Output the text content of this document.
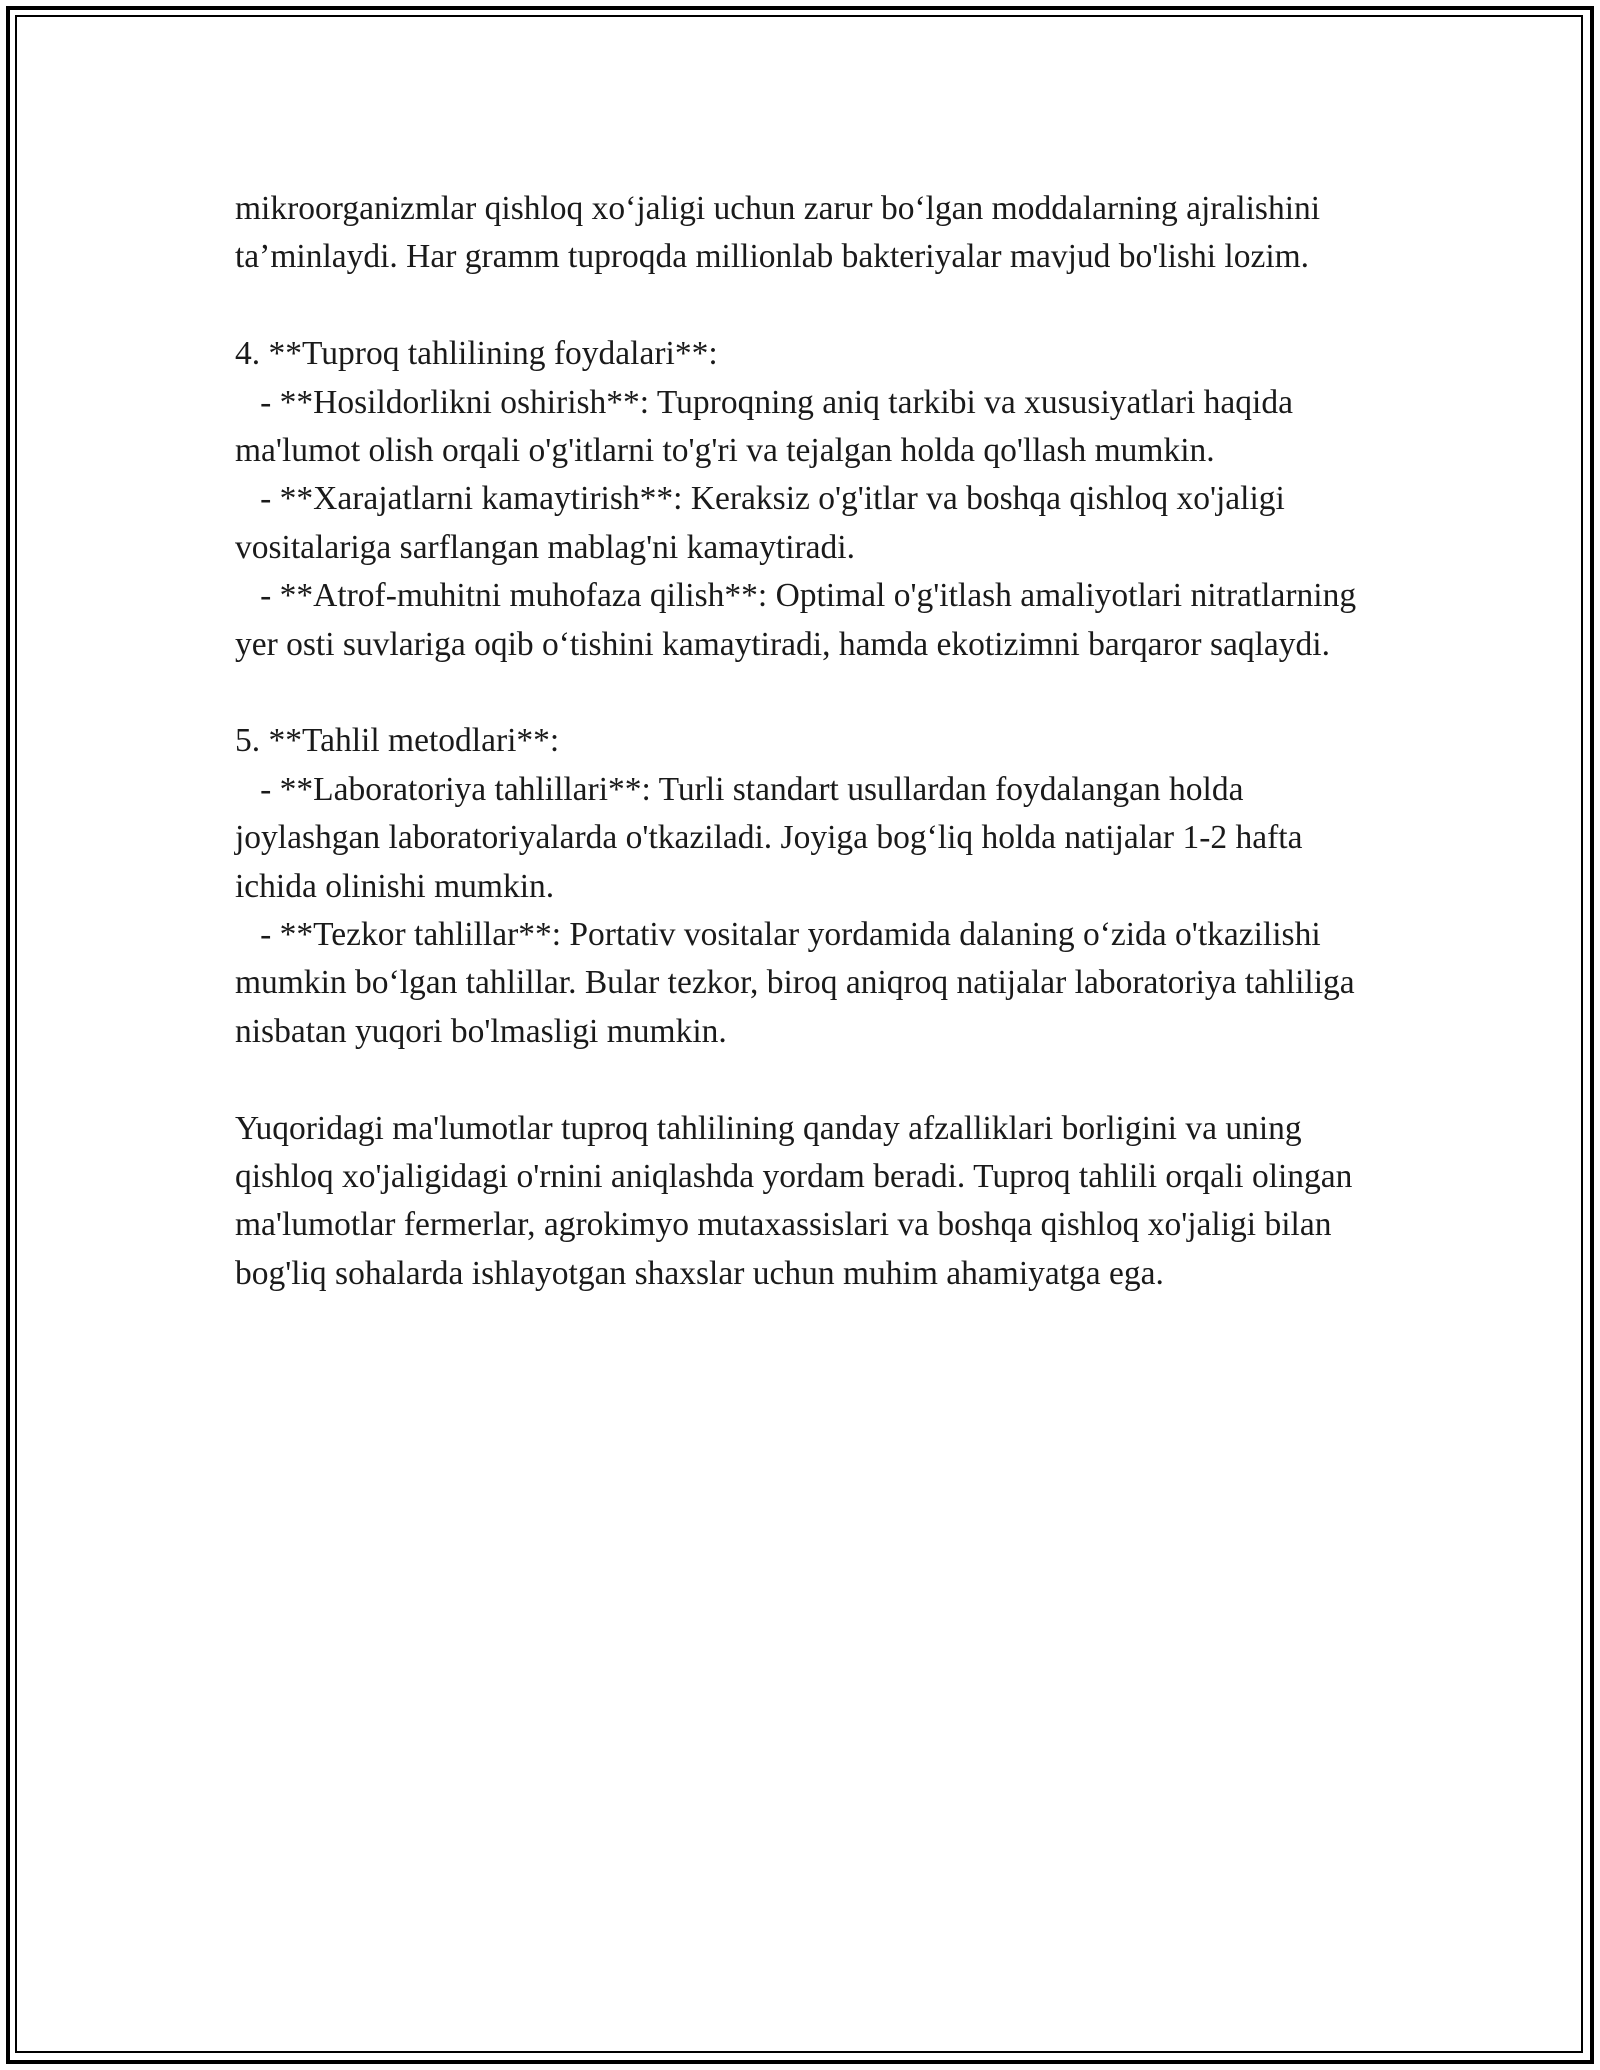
mikroorganizmlar qishloq xo‘jaligi uchun zarur bo‘lgan moddalarning ajralishini ta’minlaydi. Har gramm tuproqda millionlab bakteriyalar mavjud bo'lishi lozim.

4. **Tuproq tahlilining foydalari**:

- **Hosildorlikni oshirish**: Tuproqning aniq tarkibi va xususiyatlari haqida ma'lumot olish orqali o'g'itlarni to'g'ri va tejalgan holda qo'llash mumkin.

- **Xarajatlarni kamaytirish**: Keraksiz o'g'itlar va boshqa qishloq xo'jaligi vositalariga sarflangan mablag'ni kamaytiradi.

- **Atrof-muhitni muhofaza qilish**: Optimal o'g'itlash amaliyotlari nitratlarning yer osti suvlariga oqib o‘tishini kamaytiradi, hamda ekotizimni barqaror saqlaydi.

5. **Tahlil metodlari**:

- **Laboratoriya tahlillari**: Turli standart usullardan foydalangan holda joylashgan laboratoriyalarda o'tkaziladi. Joyiga bog‘liq holda natijalar 1-2 hafta ichida olinishi mumkin.

- **Tezkor tahlillar**: Portativ vositalar yordamida dalaning o‘zida o'tkazilishi mumkin bo‘lgan tahlillar. Bular tezkor, biroq aniqroq natijalar laboratoriya tahliliga nisbatan yuqori bo'lmasligi mumkin.

Yuqoridagi ma'lumotlar tuproq tahlilining qanday afzalliklari borligini va uning qishloq xo'jaligidagi o'rnini aniqlashda yordam beradi. Tuproq tahlili orqali olingan ma'lumotlar fermerlar, agrokimyo mutaxassislari va boshqa qishloq xo'jaligi bilan bog'liq sohalarda ishlayotgan shaxslar uchun muhim ahamiyatga ega.
